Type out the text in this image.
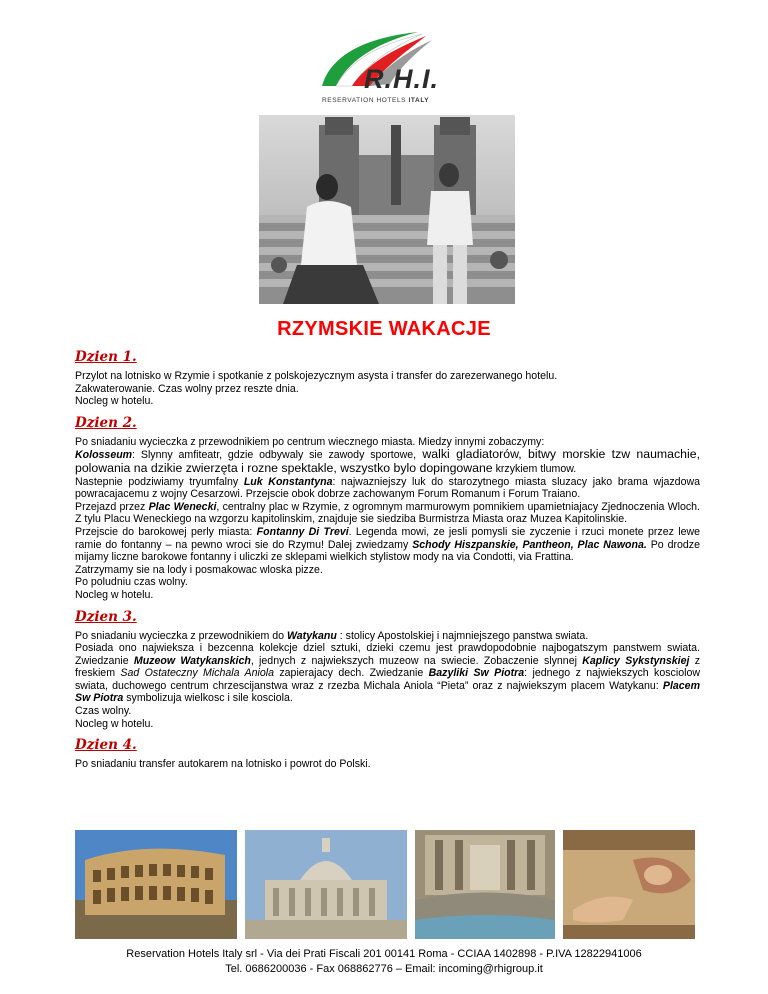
R.H.I.
RESERVATION HOTELS ITALY
RZYMSKIE WAKACJE
Dzien 1.

Przylot na lotnisko w Rzymie i spotkanie z polskojezycznym asysta i transfer do zarezerwanego hotelu.

Zakwaterowanie. Czas wolny przez reszte dnia.

Nocleg w hotelu.

Dzien 2.

Po sniadaniu wycieczka z przewodnikiem po centrum wiecznego miasta. Miedzy innymi zobaczymy:

Kolosseum: Slynny amfiteatr, gdzie odbywaly sie zawody sportowe, walki gladiatorów, bitwy morskie tzw naumachie, polowania na dzikie zwierzęta i rozne spektakle, wszystko bylo dopingowane krzykiem tlumow.

Nastepnie podziwiamy tryumfalny Luk Konstantyna: najwazniejszy luk do starozytnego miasta sluzacy jako brama wjazdowa powracajacemu z wojny Cesarzowi. Przejscie obok dobrze zachowanym Forum Romanum i Forum Traiano.

Przejazd przez Plac Wenecki, centralny plac w Rzymie, z ogromnym marmurowym pomnikiem upamietniajacy Zjednoczenia Wloch. Z tylu Placu Weneckiego na wzgorzu kapitolinskim, znajduje sie siedziba Burmistrza Miasta oraz Muzea Kapitolinskie.

Przejscie do barokowej perly miasta: Fontanny Di Trevi. Legenda mowi, ze jesli pomysli sie zyczenie i rzuci monete przez lewe ramie do fontanny – na pewno wroci sie do Rzymu! Dalej zwiedzamy Schody Hiszpanskie, Pantheon, Plac Nawona. Po drodze mijamy liczne barokowe fontanny i uliczki ze sklepami wielkich stylistow mody na via Condotti, via Frattina.

Zatrzymamy sie na lody i posmakowac wloska pizze.

Po poludniu czas wolny.

Nocleg w hotelu.

Dzien 3.

Po sniadaniu wycieczka z przewodnikiem do Watykanu : stolicy Apostolskiej i najmniejszego panstwa swiata.

Posiada ono najwieksza i bezcenna kolekcje dziel sztuki, dzieki czemu jest prawdopodobnie najbogatszym panstwem swiata. Zwiedzanie Muzeow Watykanskich, jednych z najwiekszych muzeow na swiecie. Zobaczenie slynnej Kaplicy Sykstynskiej z freskiem Sad Ostateczny Michala Aniola zapierajacy dech. Zwiedzanie Bazyliki Sw Piotra: jednego z najwiekszych kosciolow swiata, duchowego centrum chrzescijanstwa wraz z rzezba Michala Aniola “Pieta” oraz z najwiekszym placem Watykanu: Placem Sw Piotra symbolizuja wielkosc i sile kosciola.

Czas wolny.

Nocleg w hotelu.

Dzien 4.

Po sniadaniu transfer autokarem na lotnisko i powrot do Polski.

Reservation Hotels Italy srl - Via dei Prati Fiscali 201 00141 Roma - CCIAA 1402898 - P.IVA 12822941006
Tel. 0686200036 - Fax 068862776 – Email: incoming@rhigroup.it
